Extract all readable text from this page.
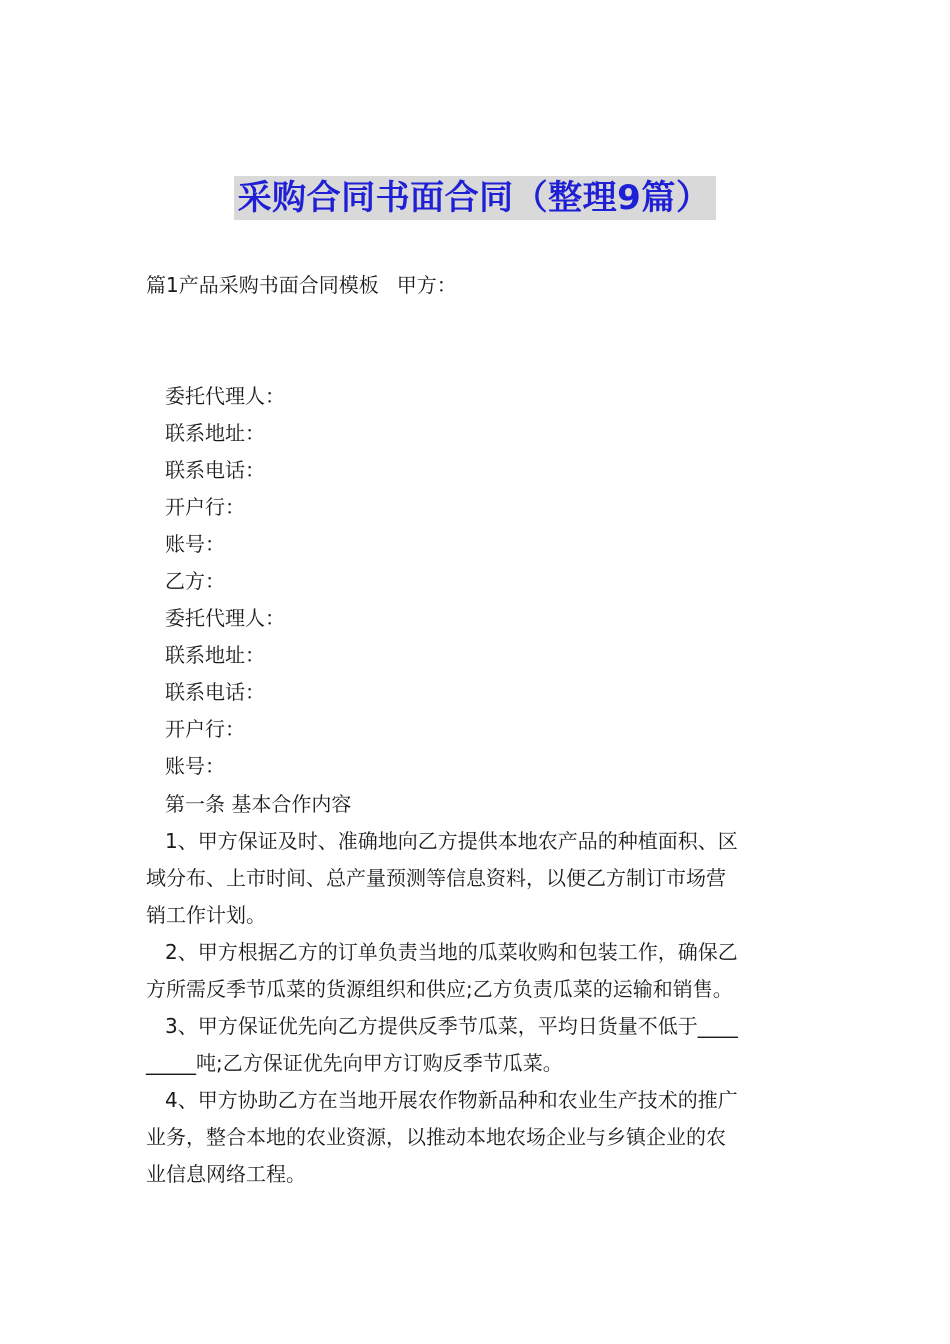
采购合同书面合同（整理9篇）
篇1产品采购书面合同模板 甲方：
委托代理人：
联系地址：
联系电话：
开户行：
账号：
乙方：
委托代理人：
联系地址：
联系电话：
开户行：
账号：
第一条 基本合作内容
1、甲方保证及时、准确地向乙方提供本地农产品的种植面积、区
域分布、上市时间、总产量预测等信息资料，以便乙方制订市场营
销工作计划。
2、甲方根据乙方的订单负责当地的瓜菜收购和包装工作，确保乙
方所需反季节瓜菜的货源组织和供应;乙方负责瓜菜的运输和销售。
3、甲方保证优先向乙方提供反季节瓜菜，平均日货量不低于____
_____吨;乙方保证优先向甲方订购反季节瓜菜。
4、甲方协助乙方在当地开展农作物新品种和农业生产技术的推广
业务，整合本地的农业资源，以推动本地农场企业与乡镇企业的农
业信息网络工程。
